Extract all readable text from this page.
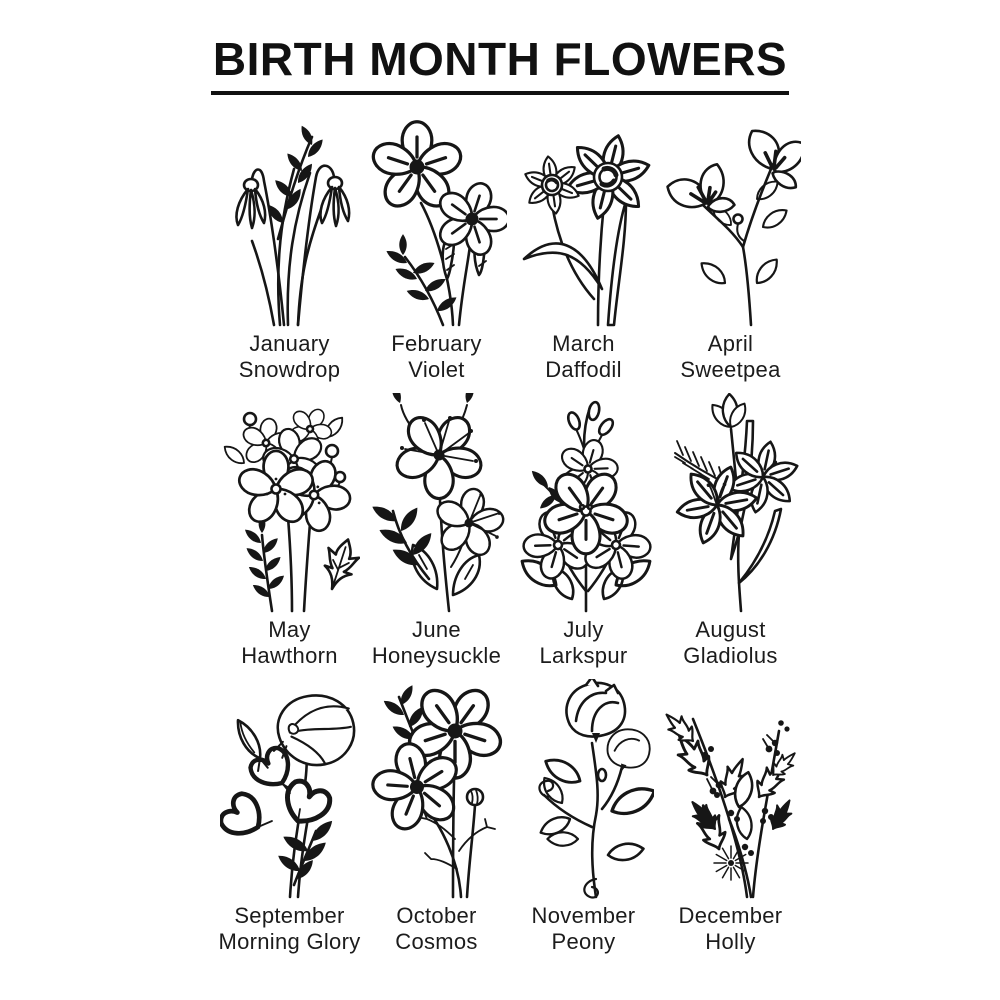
BIRTH MONTH FLOWERS
January
Snowdrop
February
Violet
March
Daffodil
April
Sweetpea
May
Hawthorn
June
Honeysuckle
July
Larkspur
August
Gladiolus
September
Morning Glory
October
Cosmos
November
Peony
December
Holly
